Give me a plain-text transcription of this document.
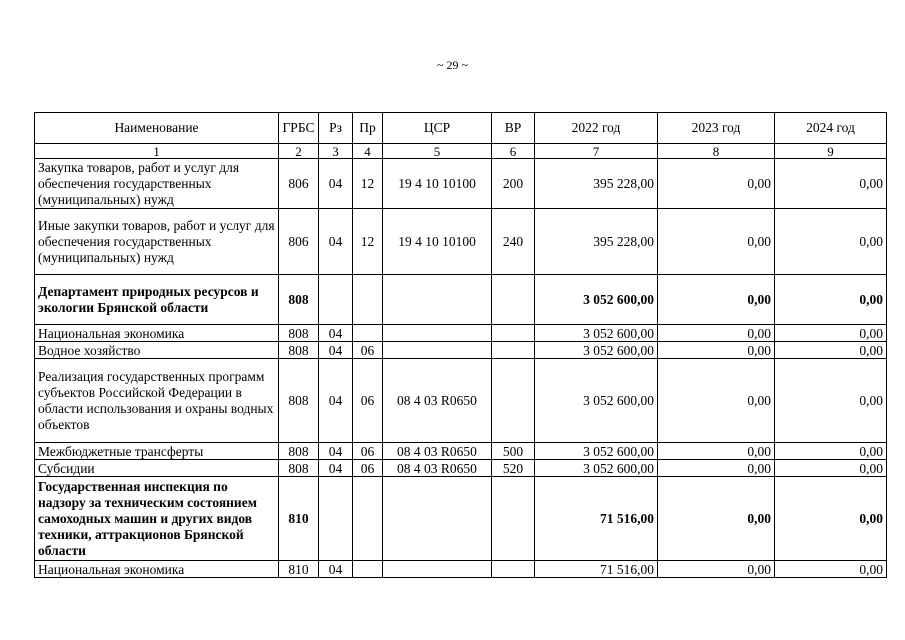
~ 29 ~
Наименование	ГРБС	Рз	Пр	ЦСР	ВР	2022 год	2023 год	2024 год
1	2	3	4	5	6	7	8	9
Закупка товаров, работ и услуг для обеспечения государственных (муниципальных) нужд	806	04	12	19 4 10 10100	200	395 228,00	0,00	0,00
Иные закупки товаров, работ и услуг для обеспечения государственных (муниципальных) нужд	806	04	12	19 4 10 10100	240	395 228,00	0,00	0,00
Департамент природных ресурсов и экологии Брянской области	808					3 052 600,00	0,00	0,00
Национальная экономика	808	04				3 052 600,00	0,00	0,00
Водное хозяйство	808	04	06			3 052 600,00	0,00	0,00
Реализация государственных программ субъектов Российской Федерации в области использования и охраны водных объектов	808	04	06	08 4 03 R0650		3 052 600,00	0,00	0,00
Межбюджетные трансферты	808	04	06	08 4 03 R0650	500	3 052 600,00	0,00	0,00
Субсидии	808	04	06	08 4 03 R0650	520	3 052 600,00	0,00	0,00
Государственная инспекция по надзору за техническим состоянием самоходных машин и других видов техники, аттракционов Брянской области	810					71 516,00	0,00	0,00
Национальная экономика	810	04				71 516,00	0,00	0,00
